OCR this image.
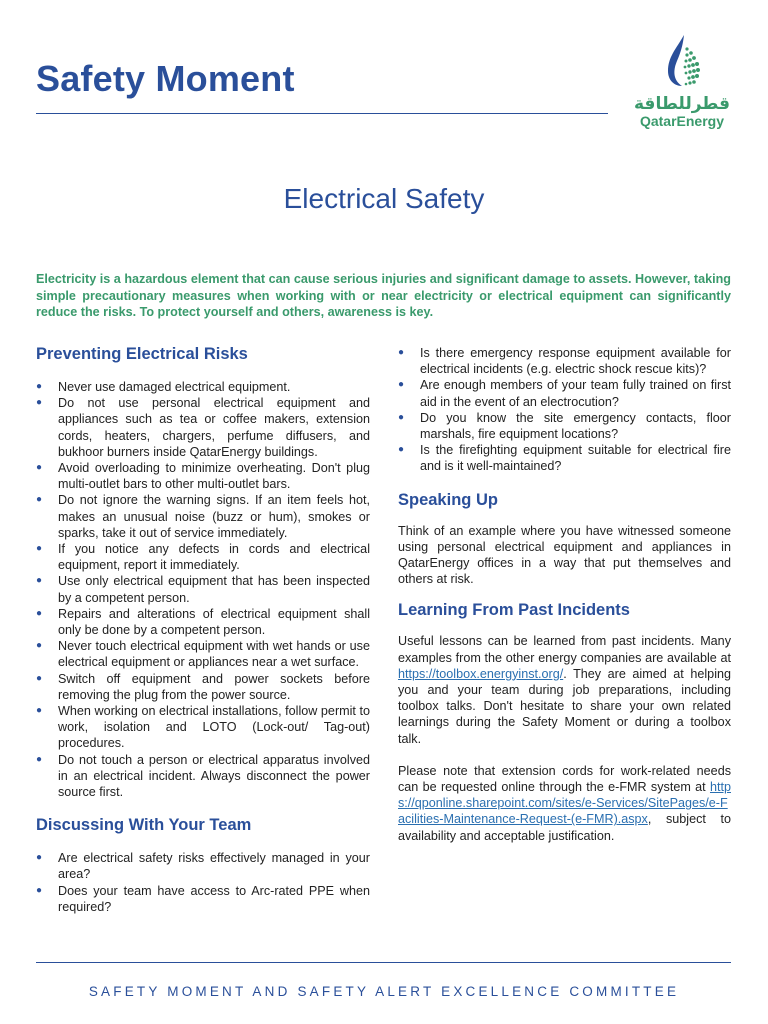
Safety Moment
قطرللطاقة
QatarEnergy
Electrical Safety

Electricity is a hazardous element that can cause serious injuries and significant damage to assets. However, taking simple precautionary measures when working with or near electricity or electrical equipment can significantly reduce the risks. To protect yourself and others, awareness is key.

Preventing Electrical Risks
● Never use damaged electrical equipment.
● Do not use personal electrical equipment and appliances such as tea or coffee makers, extension cords, heaters, chargers, perfume diffusers, and bukhoor burners inside QatarEnergy buildings.
● Avoid overloading to minimize overheating. Don't plug multi-outlet bars to other multi-outlet bars.
● Do not ignore the warning signs. If an item feels hot, makes an unusual noise (buzz or hum), smokes or sparks, take it out of service immediately.
● If you notice any defects in cords and electrical equipment, report it immediately.
● Use only electrical equipment that has been inspected by a competent person.
● Repairs and alterations of electrical equipment shall only be done by a competent person.
● Never touch electrical equipment with wet hands or use electrical equipment or appliances near a wet surface.
● Switch off equipment and power sockets before removing the plug from the power source.
● When working on electrical installations, follow permit to work, isolation and LOTO (Lock-out/ Tag-out) procedures.
● Do not touch a person or electrical apparatus involved in an electrical incident. Always disconnect the power source first.
Discussing With Your Team
● Are electrical safety risks effectively managed in your area?
● Does your team have access to Arc-rated PPE when required?
● Is there emergency response equipment available for electrical incidents (e.g. electric shock rescue kits)?
● Are enough members of your team fully trained on first aid in the event of an electrocution?
● Do you know the site emergency contacts, floor marshals, fire equipment locations?
● Is the firefighting equipment suitable for electrical fire and is it well-maintained?
Speaking Up

Think of an example where you have witnessed someone using personal electrical equipment and appliances in QatarEnergy offices in a way that put themselves and others at risk.

Learning From Past Incidents

Useful lessons can be learned from past incidents. Many examples from the other energy companies are available at https://toolbox.energyinst.org/. They are aimed at helping you and your team during job preparations, including toolbox talks. Don't hesitate to share your own related learnings during the Safety Moment or during a toolbox talk.

Please note that extension cords for work-related needs can be requested online through the e-FMR system at https://qponline.sharepoint.com/sites/e-Services/SitePages/e-Facilities-Maintenance-Request-(e-FMR).aspx, subject to availability and acceptable justification.

SAFETY MOMENT AND SAFETY ALERT EXCELLENCE COMMITTEE
